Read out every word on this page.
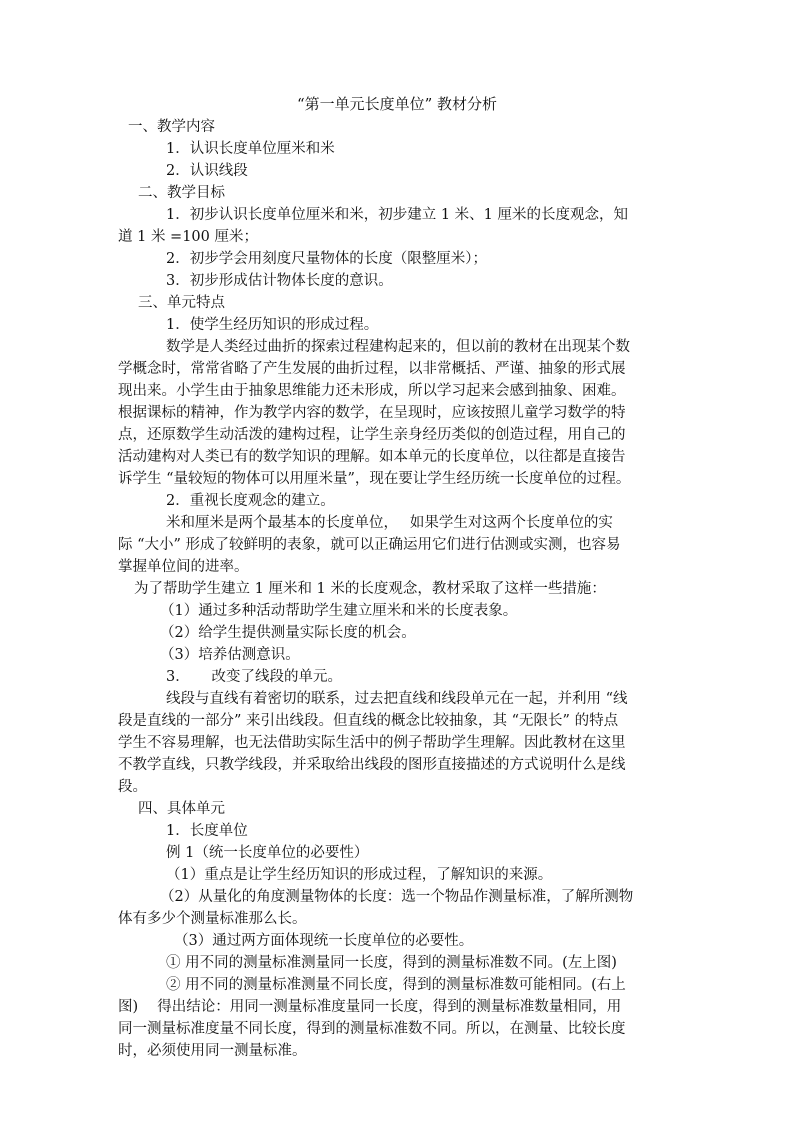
“第一单元长度单位” 教材分析
一、教学内容
1．认识长度单位厘米和米
2．认识线段
二、教学目标
1．初步认识长度单位厘米和米，初步建立 1 米、1 厘米的长度观念，知
道 1 米 =100 厘米；
2．初步学会用刻度尺量物体的长度（限整厘米）；
3．初步形成估计物体长度的意识。
三、单元特点
1．使学生经历知识的形成过程。
数学是人类经过曲折的探索过程建构起来的，但以前的教材在出现某个数
学概念时，常常省略了产生发展的曲折过程，以非常概括、严谨、抽象的形式展
现出来。小学生由于抽象思维能力还未形成，所以学习起来会感到抽象、困难。
根据课标的精神，作为教学内容的数学，在呈现时，应该按照儿童学习数学的特
点，还原数学生动活泼的建构过程，让学生亲身经历类似的创造过程，用自己的
活动建构对人类已有的数学知识的理解。如本单元的长度单位，以往都是直接告
诉学生 “量较短的物体可以用厘米量”，现在要让学生经历统一长度单位的过程。
2．重视长度观念的建立。
米和厘米是两个最基本的长度单位，　 如果学生对这两个长度单位的实
际 “大小” 形成了较鲜明的表象，就可以正确运用它们进行估测或实测，也容易
掌握单位间的进率。
为了帮助学生建立 1 厘米和 1 米的长度观念，教材采取了这样一些措施：
（1）通过多种活动帮助学生建立厘米和米的长度表象。
（2）给学生提供测量实际长度的机会。
（3）培养估测意识。
3．　　改变了线段的单元。
线段与直线有着密切的联系，过去把直线和线段单元在一起，并利用 “线
段是直线的一部分” 来引出线段。但直线的概念比较抽象，其 “无限长” 的特点
学生不容易理解，也无法借助实际生活中的例子帮助学生理解。因此教材在这里
不教学直线，只教学线段，并采取给出线段的图形直接描述的方式说明什么是线
段。
四、具体单元
1．长度单位
例 1（统一长度单位的必要性）
（1）重点是让学生经历知识的形成过程，了解知识的来源。
（2）从量化的角度测量物体的长度：选一个物品作测量标准，了解所测物
体有多少个测量标准那么长。
（3）通过两方面体现统一长度单位的必要性。
① 用不同的测量标准测量同一长度，得到的测量标准数不同。(左上图)
② 用不同的测量标准测量不同长度，得到的测量标准数可能相同。(右上
图)　 得出结论：用同一测量标准度量同一长度，得到的测量标准数量相同，用
同一测量标准度量不同长度，得到的测量标准数不同。所以，在测量、比较长度
时，必须使用同一测量标准。
